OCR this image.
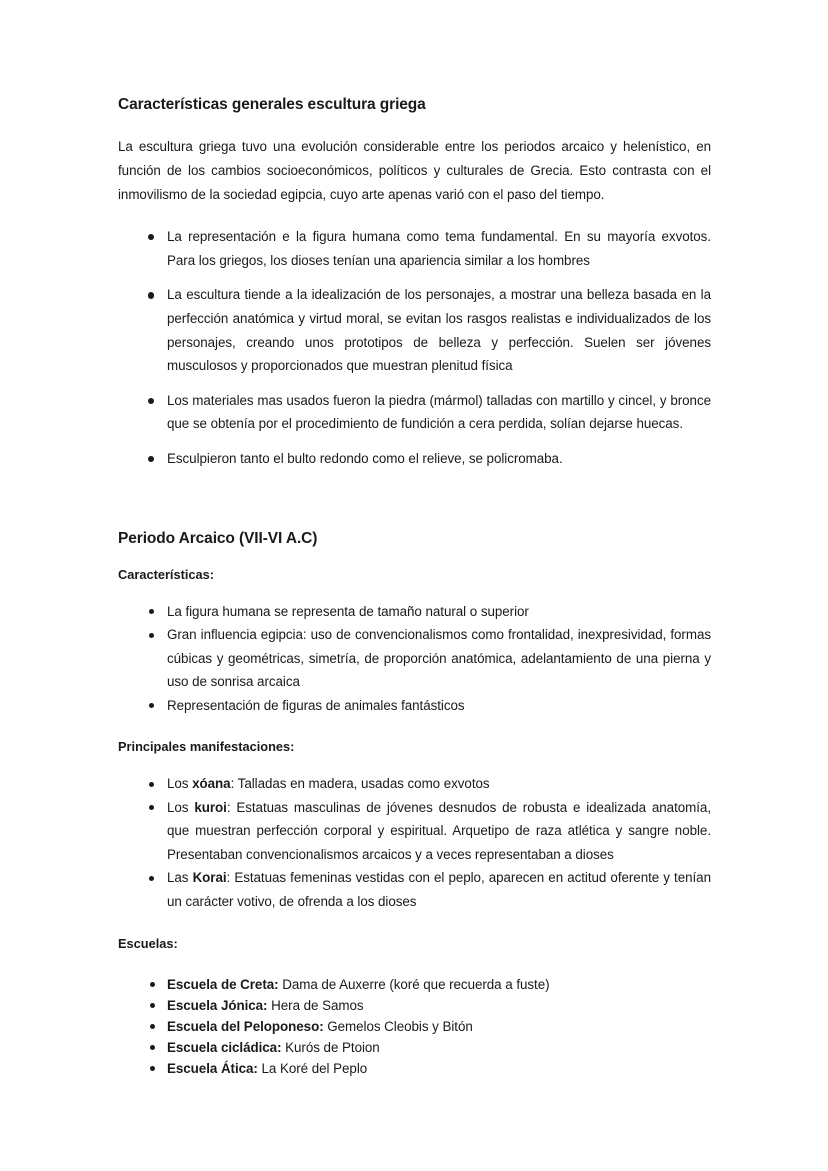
Características generales escultura griega

La escultura griega tuvo una evolución considerable entre los periodos arcaico y helenístico, en función de los cambios socioeconómicos, políticos y culturales de Grecia. Esto contrasta con el inmovilismo de la sociedad egipcia, cuyo arte apenas varió con el paso del tiempo.

La representación e la figura humana como tema fundamental. En su mayoría exvotos. Para los griegos, los dioses tenían una apariencia similar a los hombres
La escultura tiende a la idealización de los personajes, a mostrar una belleza basada en la perfección anatómica y virtud moral, se evitan los rasgos realistas e individualizados de los personajes, creando unos prototipos de belleza y perfección. Suelen ser jóvenes musculosos y proporcionados que muestran plenitud física
Los materiales mas usados fueron la piedra (mármol) talladas con martillo y cincel, y bronce que se obtenía por el procedimiento de fundición a cera perdida, solían dejarse huecas.
Esculpieron tanto el bulto redondo como el relieve, se policromaba.
Periodo Arcaico (VII-VI A.C)
Características:
La figura humana se representa de tamaño natural o superior
Gran influencia egipcia: uso de convencionalismos como frontalidad, inexpresividad, formas cúbicas y geométricas, simetría, de proporción anatómica, adelantamiento de una pierna y uso de sonrisa arcaica
Representación de figuras de animales fantásticos
Principales manifestaciones:
Los xóana: Talladas en madera, usadas como exvotos
Los kuroi: Estatuas masculinas de jóvenes desnudos de robusta e idealizada anatomía, que muestran perfección corporal y espiritual. Arquetipo de raza atlética y sangre noble. Presentaban convencionalismos arcaicos y a veces representaban a dioses
Las Korai: Estatuas femeninas vestidas con el peplo, aparecen en actitud oferente y tenían un carácter votivo, de ofrenda a los dioses
Escuelas:
Escuela de Creta: Dama de Auxerre (koré que recuerda a fuste)
Escuela Jónica: Hera de Samos
Escuela del Peloponeso: Gemelos Cleobis y Bitón
Escuela cicládica: Kurós de Ptoion
Escuela Ática: La Koré del Peplo
